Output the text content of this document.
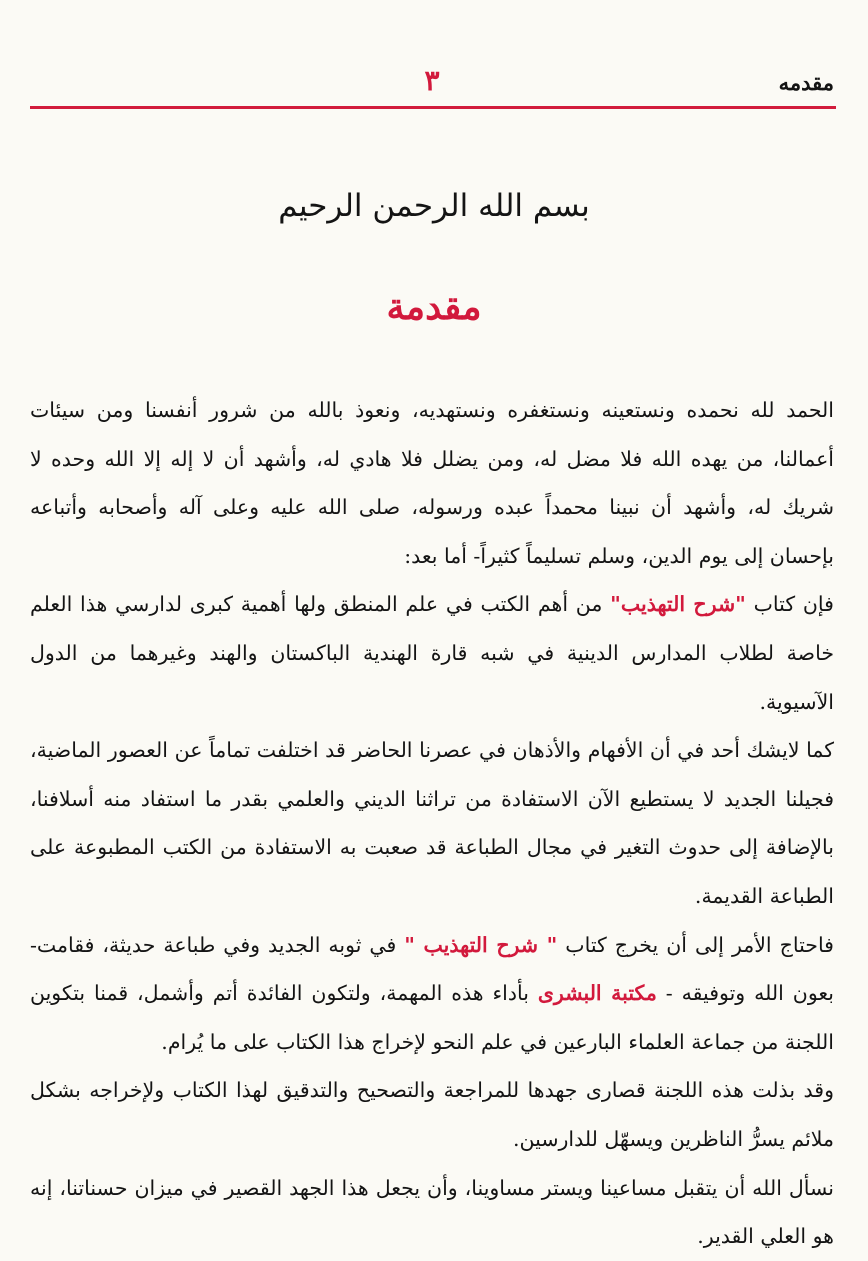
مقدمه
٣
بسم الله الرحمن الرحيم
مقدمة

الحمد لله نحمده ونستعينه ونستغفره ونستهديه، ونعوذ بالله من شرور أنفسنا ومن سيئات أعمالنا، من يهده الله فلا مضل له، ومن يضلل فلا هادي له، وأشهد أن لا إله إلا الله وحده لا شريك له، وأشهد أن نبينا محمداً عبده ورسوله، صلى الله عليه وعلى آله وأصحابه وأتباعه بإحسان إلى يوم الدين، وسلم تسليماً كثيراً- أما بعد:

فإن كتاب "شرح التهذيب" من أهم الكتب في علم المنطق ولها أهمية كبرى لدارسي هذا العلم خاصة لطلاب المدارس الدينية في شبه قارة الهندية الباكستان والهند وغيرهما من الدول الآسيوية.

كما لايشك أحد في أن الأفهام والأذهان في عصرنا الحاضر قد اختلفت تماماً عن العصور الماضية، فجيلنا الجديد لا يستطيع الآن الاستفادة من تراثنا الديني والعلمي بقدر ما استفاد منه أسلافنا، بالإضافة إلى حدوث التغير في مجال الطباعة قد صعبت به الاستفادة من الكتب المطبوعة على الطباعة القديمة.

فاحتاج الأمر إلى أن يخرج كتاب " شرح التهذيب " في ثوبه الجديد وفي طباعة حديثة، فقامت- بعون الله وتوفيقه - مكتبة البشرى بأداء هذه المهمة، ولتكون الفائدة أتم وأشمل، قمنا بتكوين اللجنة من جماعة العلماء البارعين في علم النحو لإخراج هذا الكتاب على ما يُرام.

وقد بذلت هذه اللجنة قصارى جهدها للمراجعة والتصحيح والتدقيق لهذا الكتاب ولإخراجه بشكل ملائم يسرُّ الناظرين ويسهّل للدارسين.

نسأل الله أن يتقبل مساعينا ويستر مساوينا، وأن يجعل هذا الجهد القصير في ميزان حسناتنا، إنه هو العلي القدير.
